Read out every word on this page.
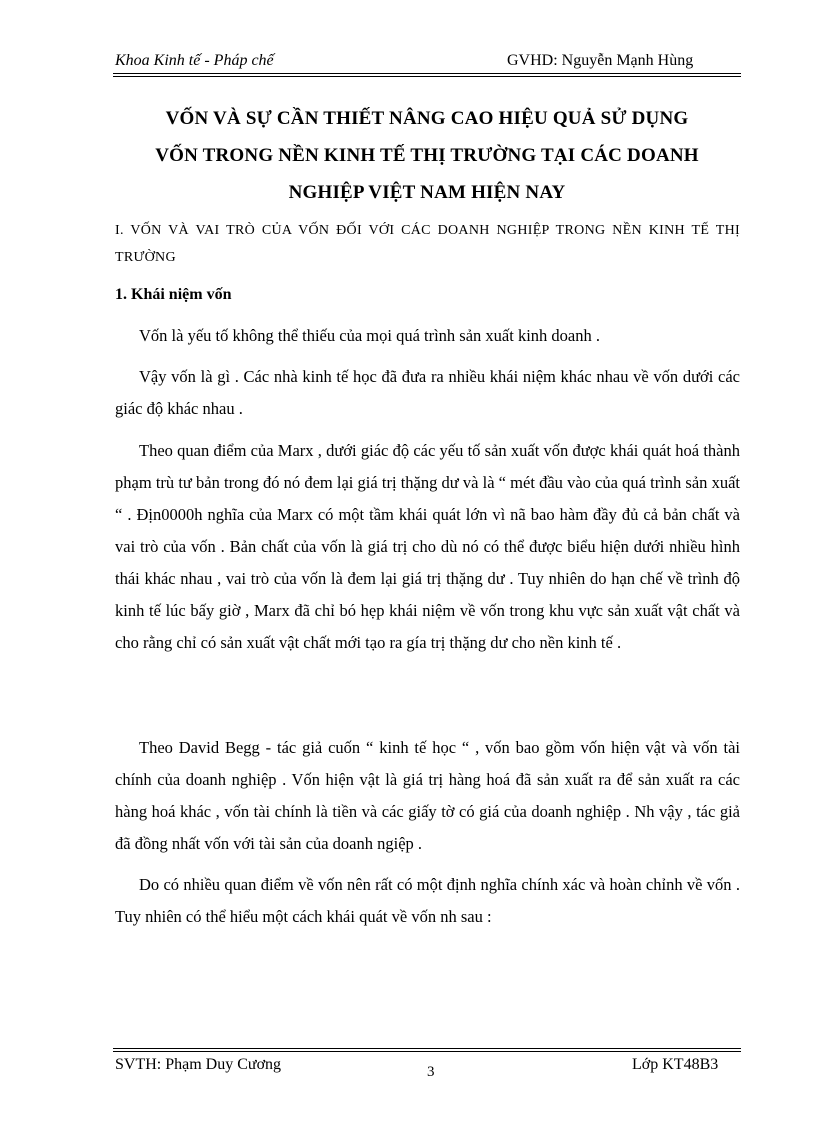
Khoa Kinh tế - Pháp chế	GVHD: Nguyễn Mạnh Hùng
VỐN VÀ SỰ CẦN THIẾT NÂNG CAO HIỆU QUẢ SỬ DỤNG
VỐN TRONG NỀN KINH TẾ THỊ TRƯỜNG TẠI CÁC DOANH
NGHIỆP VIỆT NAM HIỆN NAY
I. VỐN VÀ VAI TRÒ CỦA VỐN ĐỐI VỚI CÁC DOANH NGHIỆP TRONG NỀN KINH TẾ THỊ TRƯỜNG
1. Khái niệm vốn
Vốn là yếu tố không thể thiếu của mọi quá trình sản xuất kinh doanh .
Vậy vốn là gì . Các nhà kinh tế học đã đưa ra nhiều khái niệm khác nhau về vốn dưới các giác độ khác nhau .
Theo quan điểm của Marx , dưới giác độ các yếu tố sản xuất vốn được khái quát hoá thành phạm trù tư bản trong đó nó đem lại giá trị thặng dư và là “ mét đầu vào của quá trình sản xuất “ . Địn0000h nghĩa của Marx có một tầm khái quát lớn vì nã bao hàm đầy đủ cả bản chất và vai trò của vốn . Bản chất của vốn là giá trị cho dù nó có thể được biểu hiện dưới nhiều hình thái khác nhau , vai trò của vốn là đem lại giá trị thặng dư . Tuy nhiên do hạn chế về trình độ kinh tế lúc bấy giờ , Marx đã chỉ bó hẹp khái niệm về vốn trong khu vực sản xuất vật chất và cho rằng chỉ có sản xuất vật chất mới tạo ra gía trị thặng dư cho nền kinh tế .
Theo David Begg - tác giả cuốn “ kinh tế học “ , vốn bao gồm vốn hiện vật và vốn tài chính của doanh nghiệp . Vốn hiện vật là giá trị hàng hoá đã sản xuất ra để sản xuất ra các hàng hoá khác , vốn tài chính là tiền và các giấy tờ có giá của doanh nghiệp . Nh vậy , tác giả đã đồng nhất vốn với tài sản của doanh ngiệp .
Do có nhiều quan điểm về vốn nên rất có một định nghĩa chính xác và hoàn chỉnh về vốn . Tuy nhiên có thể hiểu một cách khái quát về vốn nh sau :
SVTH: Phạm Duy Cương	3	Lớp KT48B3
